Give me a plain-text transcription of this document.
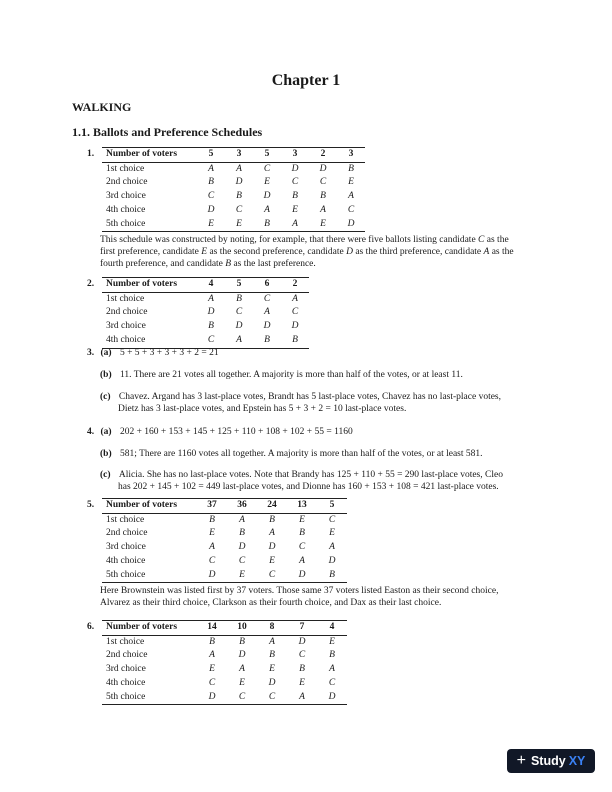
Chapter 1
WALKING
1.1. Ballots and Preference Schedules
1. Number of voters	5	3	5	3	2	3
1st choice	A	A	C	D	D	B
2nd choice	B	D	E	C	C	E
3rd choice	C	B	D	B	B	A
4th choice	D	C	A	E	A	C
5th choice	E	E	B	A	E	D
This schedule was constructed by noting, for example, that there were five ballots listing candidate C as the
first preference, candidate E as the second preference, candidate D as the third preference, candidate A as the
fourth preference, and candidate B as the last preference.
2. Number of voters	4	5	6	2
1st choice	A	B	C	A
2nd choice	D	C	A	C
3rd choice	B	D	D	D
4th choice	C	A	B	B
3. (a) 5 + 5 + 3 + 3 + 3 + 2 = 21
(b) 11. There are 21 votes all together. A majority is more than half of the votes, or at least 11.
(c) Chavez. Argand has 3 last-place votes, Brandt has 5 last-place votes, Chavez has no last-place votes,
Dietz has 3 last-place votes, and Epstein has 5 + 3 + 2 = 10 last-place votes.
4. (a) 202 + 160 + 153 + 145 + 125 + 110 + 108 + 102 + 55 = 1160
(b) 581; There are 1160 votes all together. A majority is more than half of the votes, or at least 581.
(c) Alicia. She has no last-place votes. Note that Brandy has 125 + 110 + 55 = 290 last-place votes, Cleo
has 202 + 145 + 102 = 449 last-place votes, and Dionne has 160 + 153 + 108 = 421 last-place votes.
5. Number of voters	37	36	24	13	5
1st choice	B	A	B	E	C
2nd choice	E	B	A	B	E
3rd choice	A	D	D	C	A
4th choice	C	C	E	A	D
5th choice	D	E	C	D	B
Here Brownstein was listed first by 37 voters. Those same 37 voters listed Easton as their second choice,
Alvarez as their third choice, Clarkson as their fourth choice, and Dax as their last choice.
6. Number of voters	14	10	8	7	4
1st choice	B	B	A	D	E
2nd choice	A	D	B	C	B
3rd choice	E	A	E	B	A
4th choice	C	E	D	E	C
5th choice	D	C	C	A	D
+ Study XY
